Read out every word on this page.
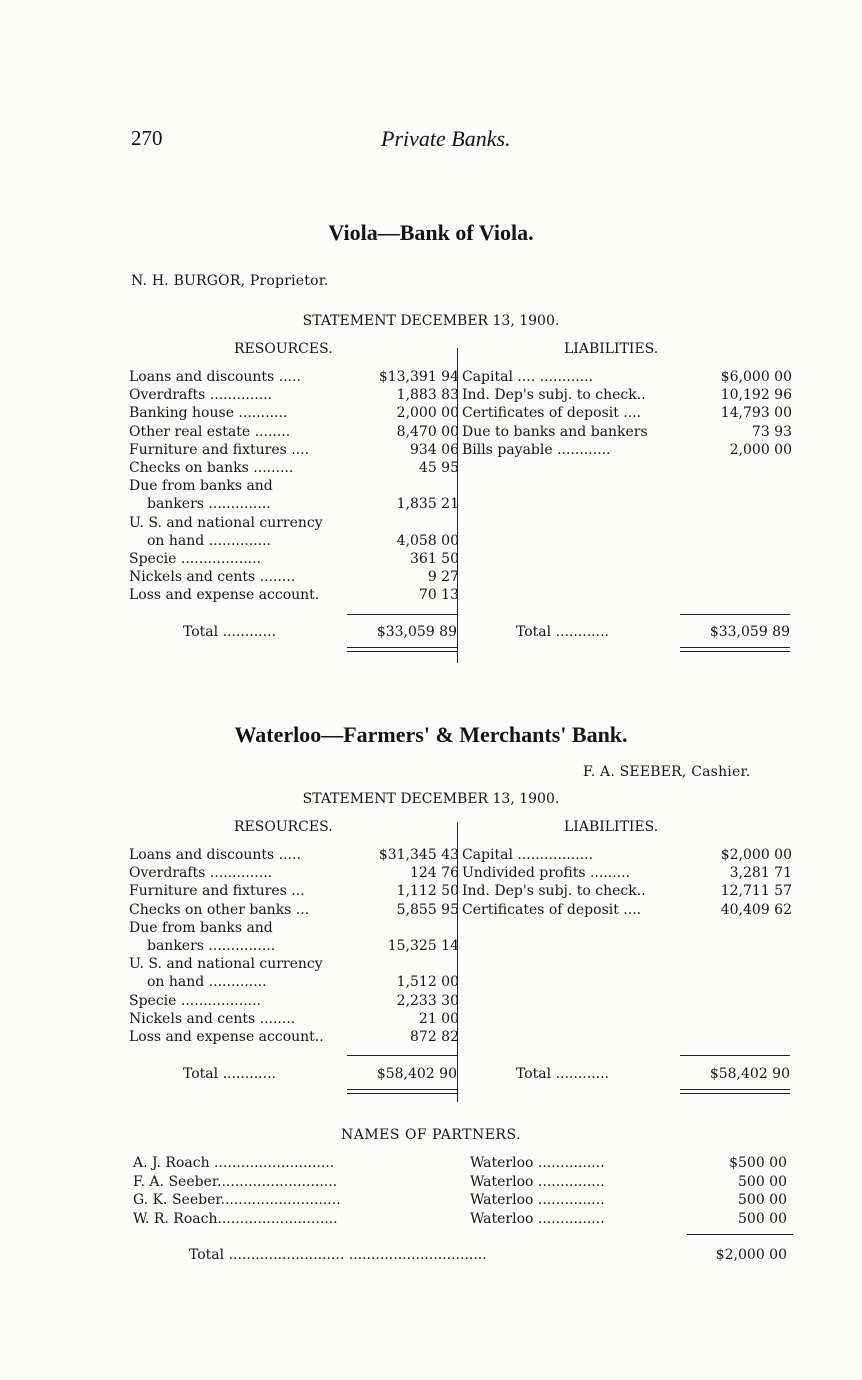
270	Private Banks.
Viola—Bank of Viola.
N. H. BURGOR, Proprietor.
STATEMENT DECEMBER 13, 1900.
RESOURCES.	LIABILITIES.
Loans and discounts .....	$13,391 94
Overdrafts ..............	1,883 83
Banking house ...........	2,000 00
Other real estate ........	8,470 00
Furniture and fixtures ....	934 06
Checks on banks .........	45 95
Due from banks and
bankers ..............	1,835 21
U. S. and national currency
on hand ..............	4,058 00
Specie ..................	361 50
Nickels and cents ........	9 27
Loss and expense account.	70 13
Capital .... ............	$6,000 00
Ind. Dep's subj. to check..	10,192 96
Certificates of deposit ....	14,793 00
Due to banks and bankers	73 93
Bills payable ............	2,000 00
Total ............	$33,059 89	Total ............	$33,059 89
Waterloo—Farmers' & Merchants' Bank.
F. A. SEEBER, Cashier.
STATEMENT DECEMBER 13, 1900.
RESOURCES.	LIABILITIES.
Loans and discounts .....	$31,345 43
Overdrafts ..............	124 76
Furniture and fixtures ...	1,112 50
Checks on other banks ...	5,855 95
Due from banks and
bankers ...............	15,325 14
U. S. and national currency
on hand .............	1,512 00
Specie ..................	2,233 30
Nickels and cents ........	21 00
Loss and expense account..	872 82
Capital .................	$2,000 00
Undivided profits .........	3,281 71
Ind. Dep's subj. to check..	12,711 57
Certificates of deposit ....	40,409 62
Total ............	$58,402 90	Total ............	$58,402 90
NAMES OF PARTNERS.
A. J. Roach ...........................	Waterloo ...............	$500 00
F. A. Seeber...........................	Waterloo ...............	500 00
G. K. Seeber...........................	Waterloo ...............	500 00
W. R. Roach...........................	Waterloo ...............	500 00
Total .......................... ...............................	$2,000 00
